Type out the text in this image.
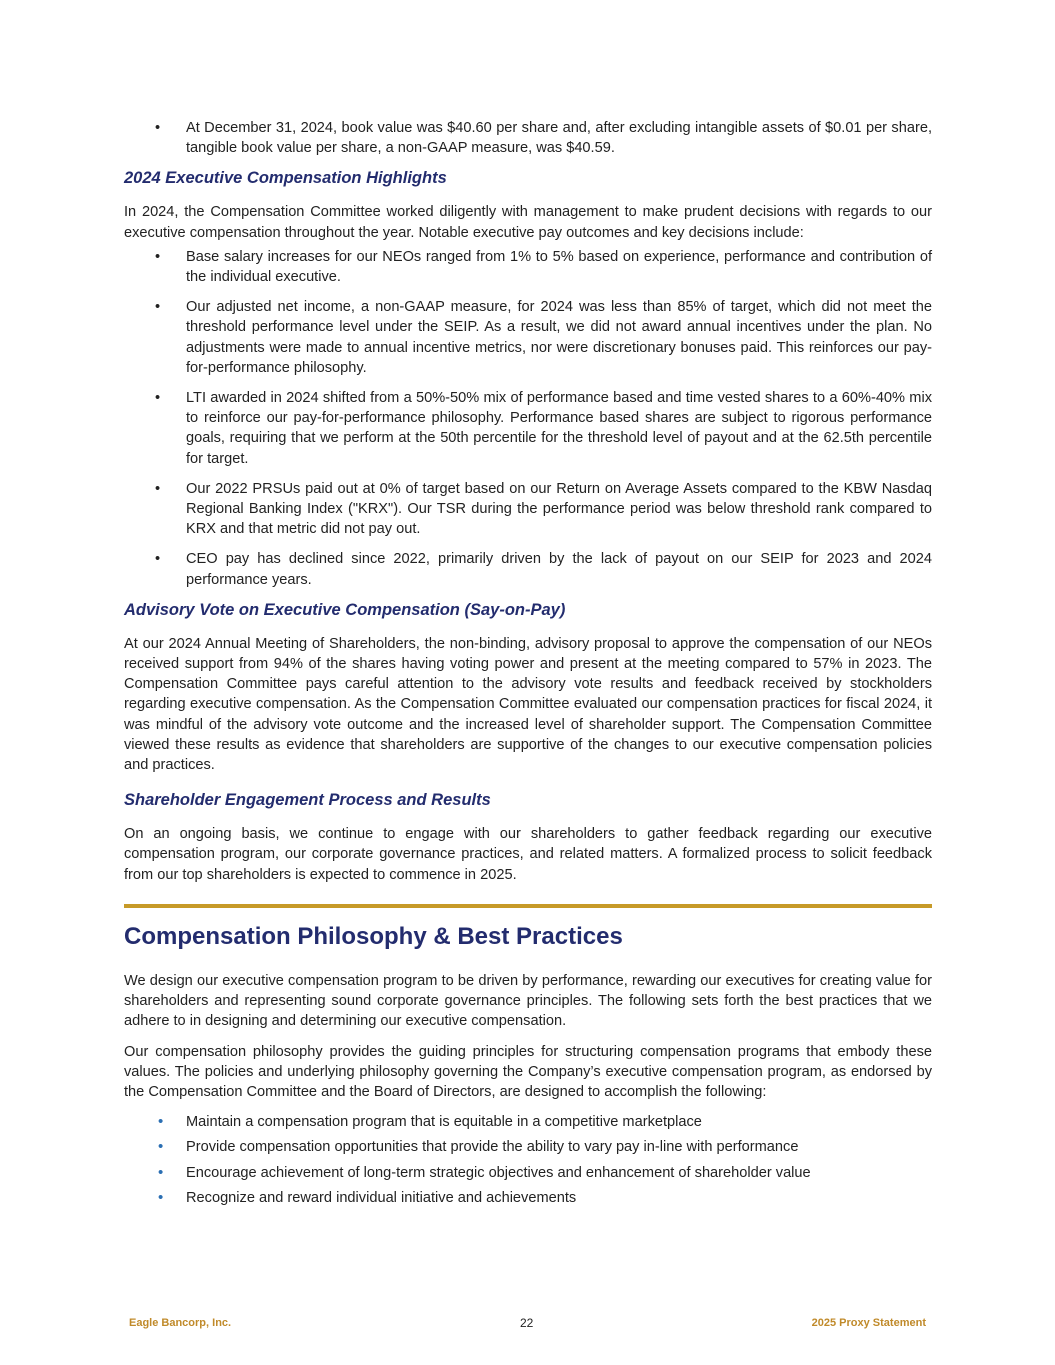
• At December 31, 2024, book value was $40.60 per share and, after excluding intangible assets of $0.01 per share, tangible book value per share, a non-GAAP measure, was $40.59.

2024 Executive Compensation Highlights

In 2024, the Compensation Committee worked diligently with management to make prudent decisions with regards to our executive compensation throughout the year. Notable executive pay outcomes and key decisions include:

• Base salary increases for our NEOs ranged from 1% to 5% based on experience, performance and contribution of the individual executive.

• Our adjusted net income, a non-GAAP measure, for 2024 was less than 85% of target, which did not meet the threshold performance level under the SEIP. As a result, we did not award annual incentives under the plan. No adjustments were made to annual incentive metrics, nor were discretionary bonuses paid. This reinforces our pay-for-performance philosophy.

• LTI awarded in 2024 shifted from a 50%-50% mix of performance based and time vested shares to a 60%-40% mix to reinforce our pay-for-performance philosophy. Performance based shares are subject to rigorous performance goals, requiring that we perform at the 50th percentile for the threshold level of payout and at the 62.5th percentile for target.

• Our 2022 PRSUs paid out at 0% of target based on our Return on Average Assets compared to the KBW Nasdaq Regional Banking Index ("KRX"). Our TSR during the performance period was below threshold rank compared to KRX and that metric did not pay out.

• CEO pay has declined since 2022, primarily driven by the lack of payout on our SEIP for 2023 and 2024 performance years.

Advisory Vote on Executive Compensation (Say-on-Pay)

At our 2024 Annual Meeting of Shareholders, the non-binding, advisory proposal to approve the compensation of our NEOs received support from 94% of the shares having voting power and present at the meeting compared to 57% in 2023. The Compensation Committee pays careful attention to the advisory vote results and feedback received by stockholders regarding executive compensation. As the Compensation Committee evaluated our compensation practices for fiscal 2024, it was mindful of the advisory vote outcome and the increased level of shareholder support. The Compensation Committee viewed these results as evidence that shareholders are supportive of the changes to our executive compensation policies and practices.

Shareholder Engagement Process and Results

On an ongoing basis, we continue to engage with our shareholders to gather feedback regarding our executive compensation program, our corporate governance practices, and related matters. A formalized process to solicit feedback from our top shareholders is expected to commence in 2025.

Compensation Philosophy & Best Practices

We design our executive compensation program to be driven by performance, rewarding our executives for creating value for shareholders and representing sound corporate governance principles. The following sets forth the best practices that we adhere to in designing and determining our executive compensation.

Our compensation philosophy provides the guiding principles for structuring compensation programs that embody these values. The policies and underlying philosophy governing the Company’s executive compensation program, as endorsed by the Compensation Committee and the Board of Directors, are designed to accomplish the following:

• Maintain a compensation program that is equitable in a competitive marketplace

• Provide compensation opportunities that provide the ability to vary pay in-line with performance

• Encourage achievement of long-term strategic objectives and enhancement of shareholder value

• Recognize and reward individual initiative and achievements

Eagle Bancorp, Inc.	22	2025 Proxy Statement
